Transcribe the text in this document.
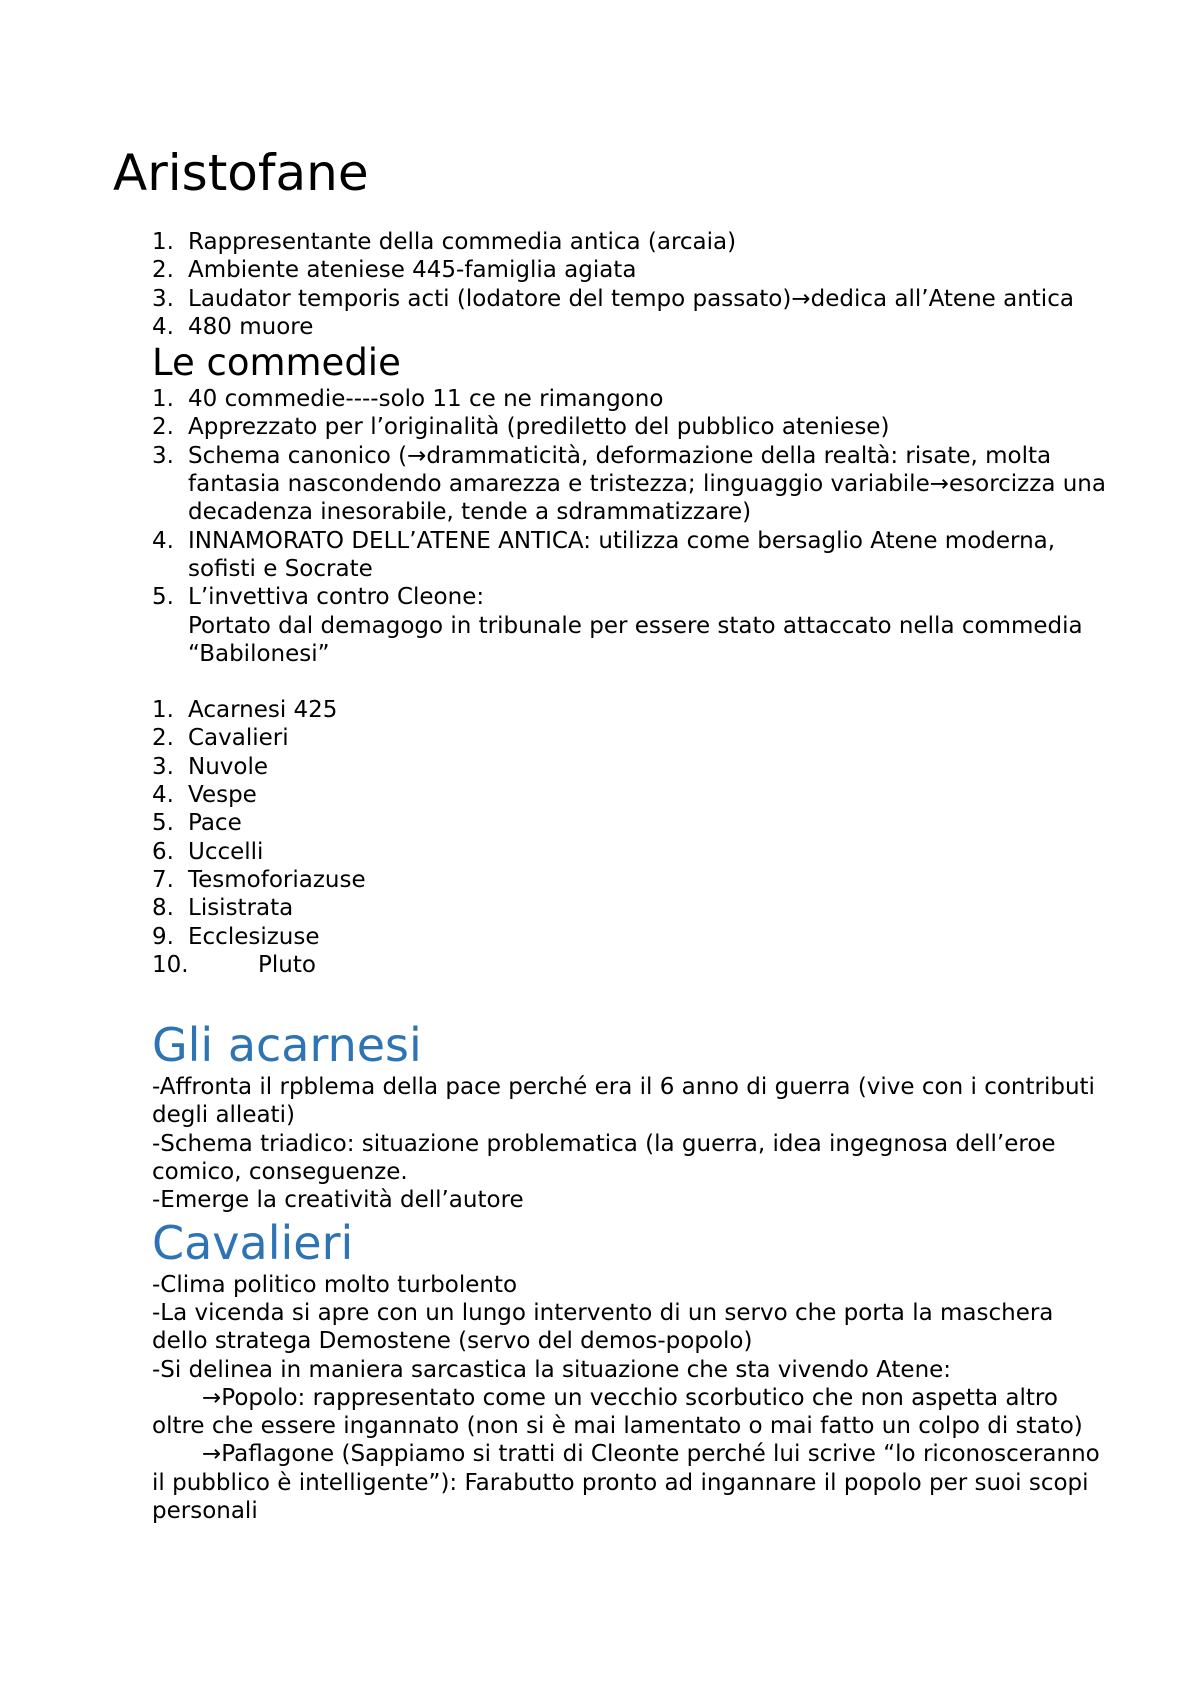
Aristofane
1. Rappresentante della commedia antica (arcaia)
2. Ambiente ateniese 445-famiglia agiata
3. Laudator temporis acti (lodatore del tempo passato)→dedica all’Atene antica
4. 480 muore
Le commedie
1. 40 commedie----solo 11 ce ne rimangono
2. Apprezzato per l’originalità (prediletto del pubblico ateniese)
3. Schema canonico (→drammaticità, deformazione della realtà: risate, molta fantasia nascondendo amarezza e tristezza; linguaggio variabile→esorcizza una decadenza inesorabile, tende a sdrammatizzare)
4. INNAMORATO DELL’ATENE ANTICA: utilizza come bersaglio Atene moderna, sofisti e Socrate
5. L’invettiva contro Cleone:
Portato dal demagogo in tribunale per essere stato attaccato nella commedia “Babilonesi”
1. Acarnesi 425
2. Cavalieri
3. Nuvole
4. Vespe
5. Pace
6. Uccelli
7. Tesmoforiazuse
8. Lisistrata
9. Ecclesizuse
10.	Pluto
Gli acarnesi

-Affronta il rpblema della pace perché era il 6 anno di guerra (vive con i contributi degli alleati)

-Schema triadico: situazione problematica (la guerra, idea ingegnosa dell’eroe comico, conseguenze.

-Emerge la creatività dell’autore

Cavalieri

-Clima politico molto turbolento

-La vicenda si apre con un lungo intervento di un servo che porta la maschera dello stratega Demostene (servo del demos-popolo)

-Si delinea in maniera sarcastica la situazione che sta vivendo Atene:

→Popolo: rappresentato come un vecchio scorbutico che non aspetta altro oltre che essere ingannato (non si è mai lamentato o mai fatto un colpo di stato)

→Paflagone (Sappiamo si tratti di Cleonte perché lui scrive “lo riconosceranno il pubblico è intelligente”): Farabutto pronto ad ingannare il popolo per suoi scopi personali
